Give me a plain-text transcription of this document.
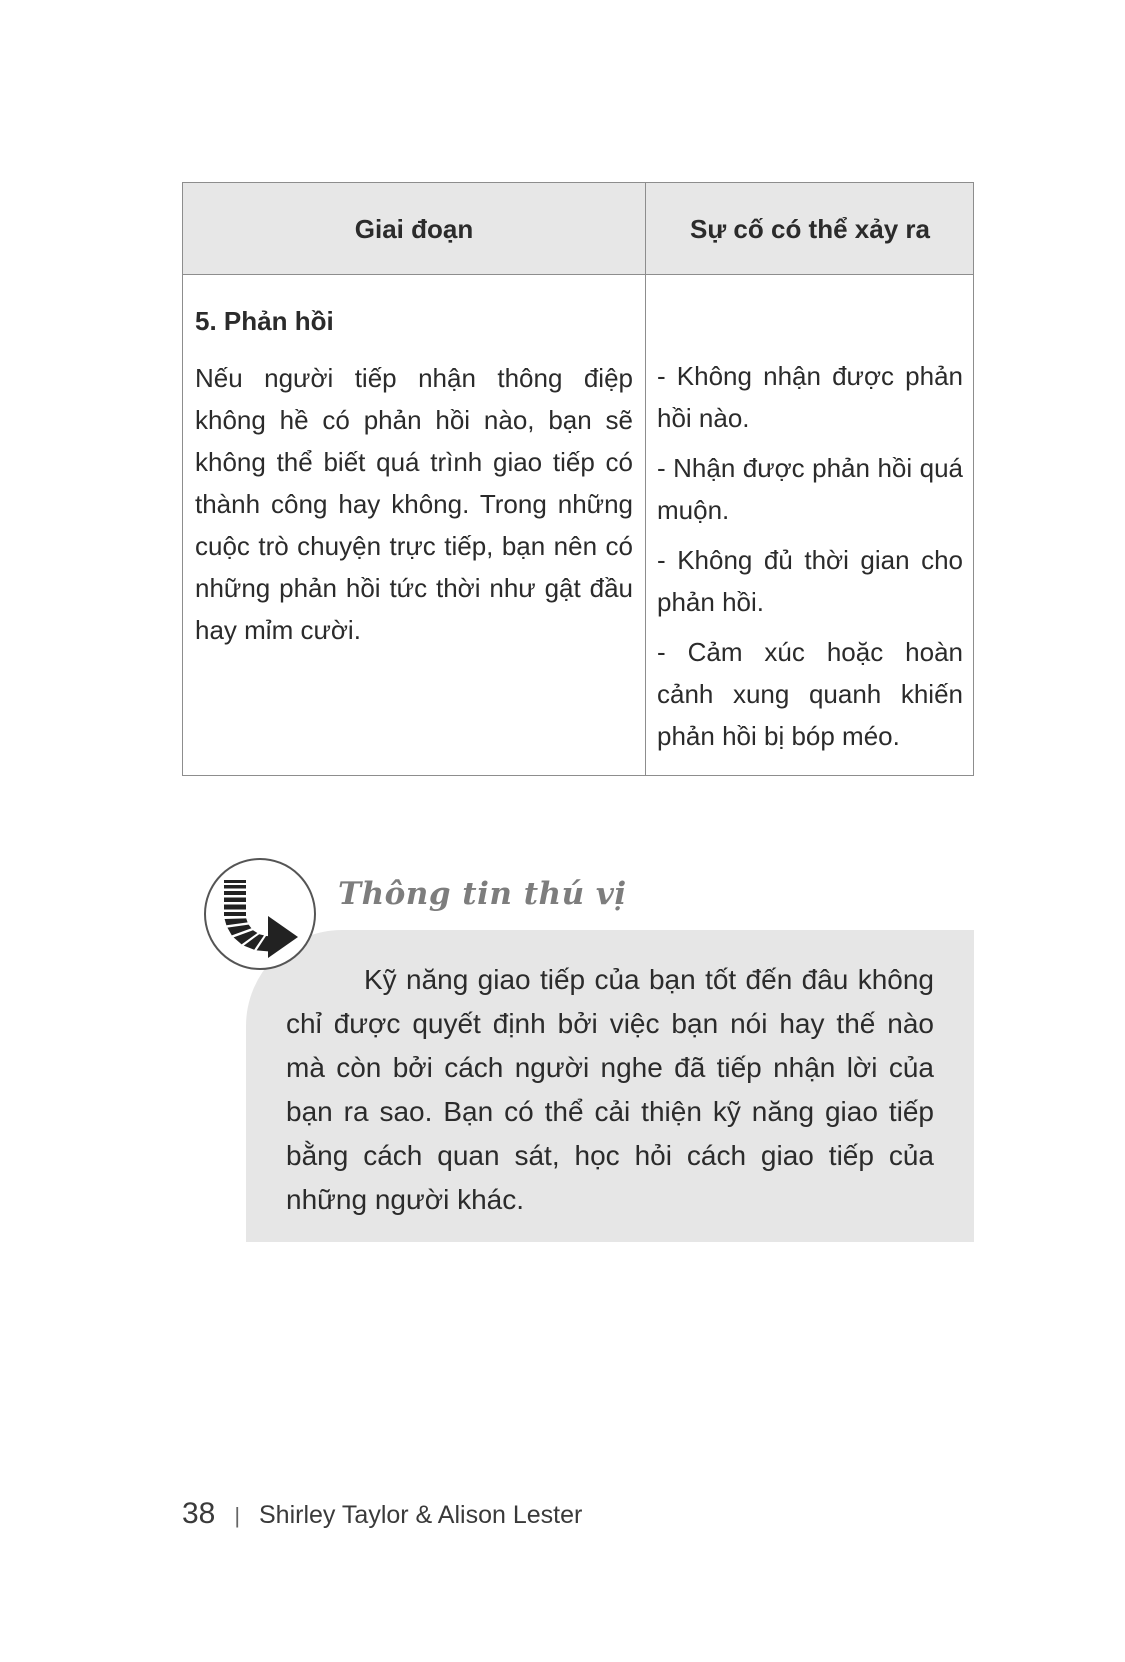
Giai đoạn	Sự cố có thể xảy ra

5. Phản hồi

Nếu người tiếp nhận thông điệp không hề có phản hồi nào, bạn sẽ không thể biết quá trình giao tiếp có thành công hay không. Trong những cuộc trò chuyện trực tiếp, bạn nên có những phản hồi tức thời như gật đầu hay mỉm cười.

- Không nhận được phản hồi nào.

- Nhận được phản hồi quá muộn.

- Không đủ thời gian cho phản hồi.

- Cảm xúc hoặc hoàn cảnh xung quanh khiến phản hồi bị bóp méo.

Kỹ năng giao tiếp của bạn tốt đến đâu không chỉ được quyết định bởi việc bạn nói hay thế nào mà còn bởi cách người nghe đã tiếp nhận lời của bạn ra sao. Bạn có thể cải thiện kỹ năng giao tiếp bằng cách quan sát, học hỏi cách giao tiếp của những người khác.

Thông tin thú vị
38 | Shirley Taylor & Alison Lester
